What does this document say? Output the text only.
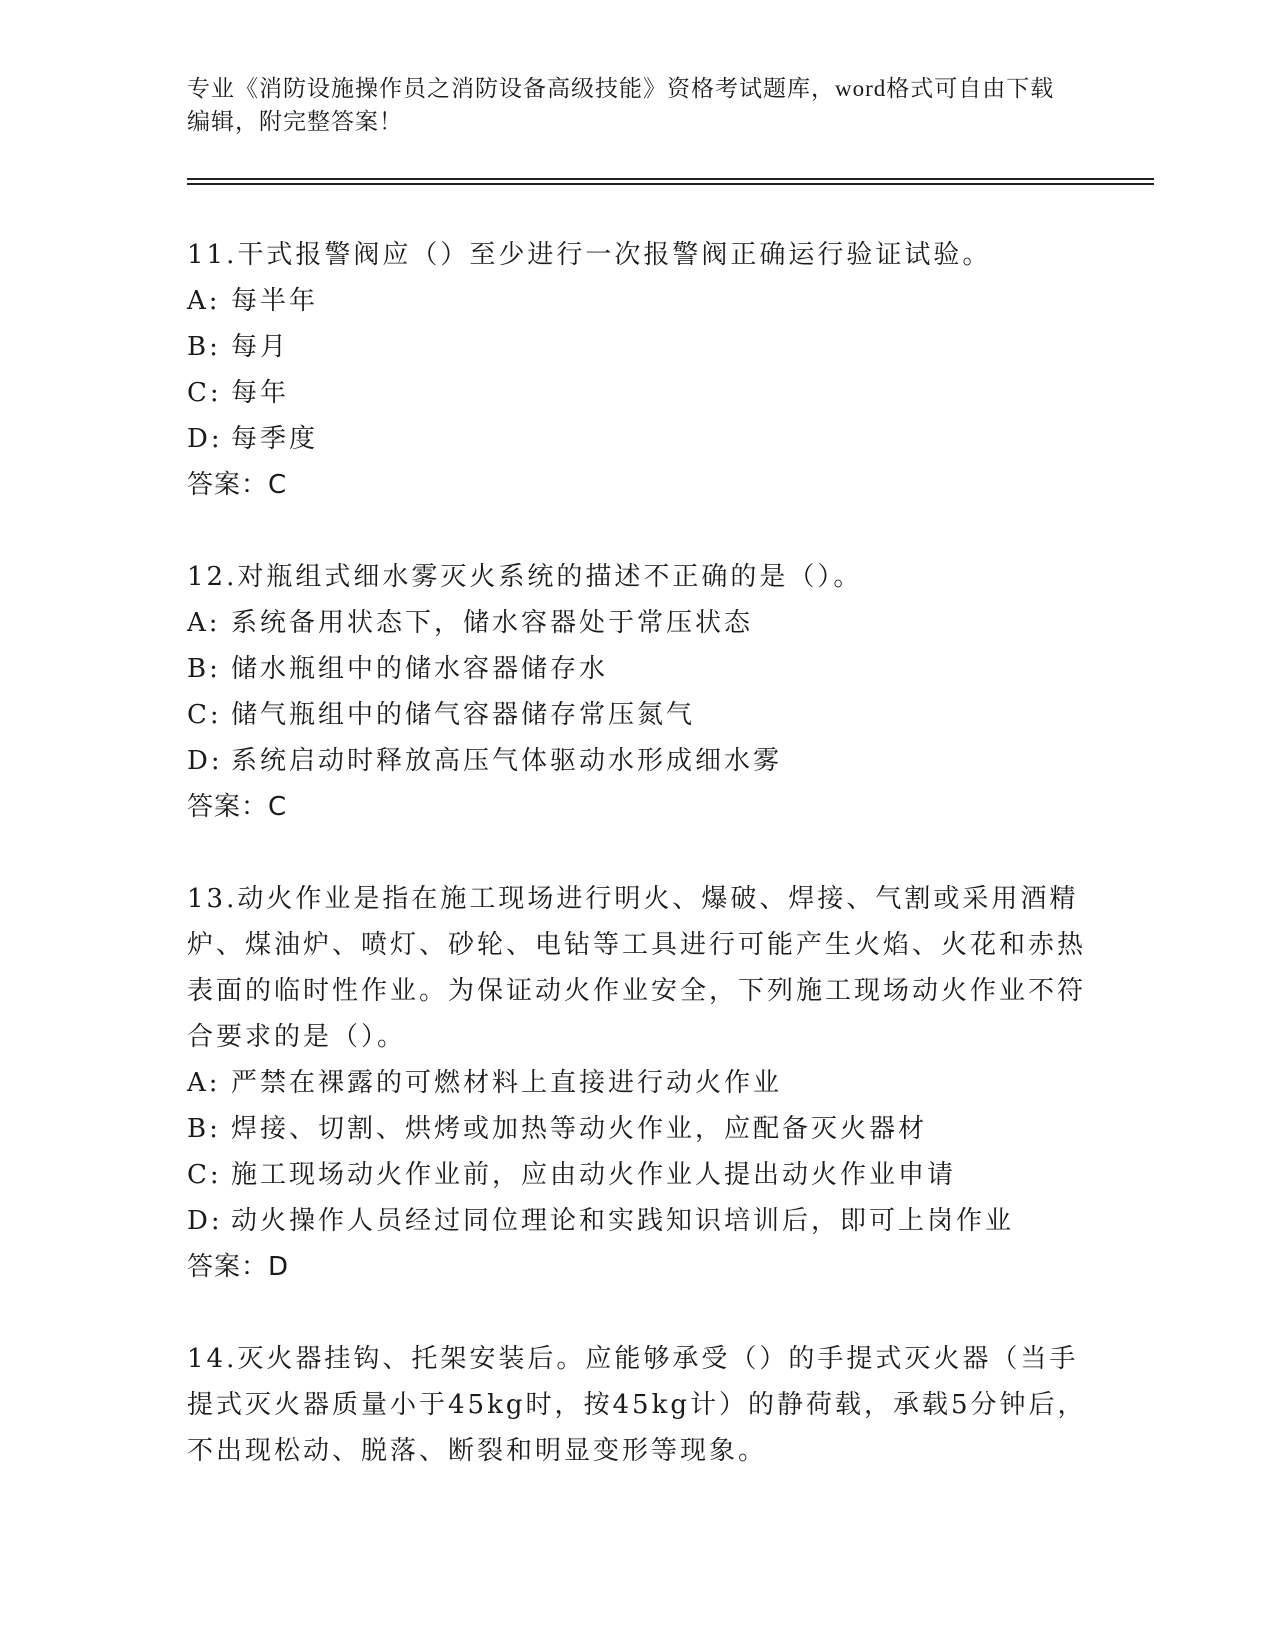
专业《消防设施操作员之消防设备高级技能》资格考试题库，word格式可自由下载编辑，附完整答案！
11.干式报警阀应（）至少进行一次报警阀正确运行验证试验。
A: 每半年
B: 每月
C: 每年
D: 每季度
答案：C
12.对瓶组式细水雾灭火系统的描述不正确的是（）。
A: 系统备用状态下，储水容器处于常压状态
B: 储水瓶组中的储水容器储存水
C: 储气瓶组中的储气容器储存常压氮气
D: 系统启动时释放高压气体驱动水形成细水雾
答案：C
13.动火作业是指在施工现场进行明火、爆破、焊接、气割或采用酒精炉、煤油炉、喷灯、砂轮、电钻等工具进行可能产生火焰、火花和赤热表面的临时性作业。为保证动火作业安全，下列施工现场动火作业不符合要求的是（）。
A: 严禁在裸露的可燃材料上直接进行动火作业
B: 焊接、切割、烘烤或加热等动火作业，应配备灭火器材
C: 施工现场动火作业前，应由动火作业人提出动火作业申请
D: 动火操作人员经过同位理论和实践知识培训后，即可上岗作业
答案：D
14.灭火器挂钩、托架安装后。应能够承受（）的手提式灭火器（当手提式灭火器质量小于45kg时，按45kg计）的静荷载，承载5分钟后，不出现松动、脱落、断裂和明显变形等现象。
